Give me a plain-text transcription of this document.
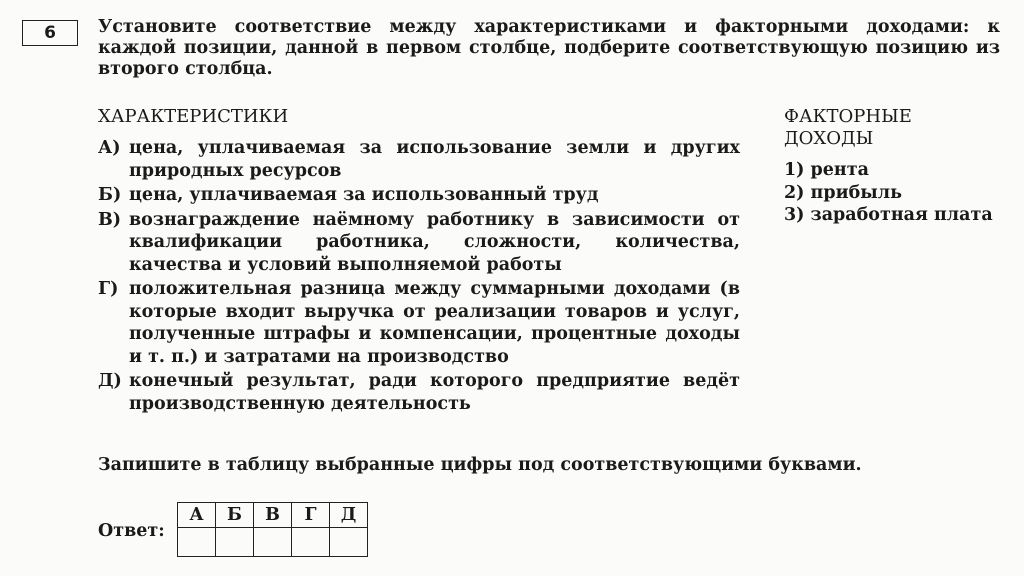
6 Установите соответствие между характеристиками и факторными доходами: к каждой позиции, данной в первом столбце, подберите соответствующую позицию из второго столбца.
ХАРАКТЕРИСТИКИ
А) цена, уплачиваемая за использование земли и других природных ресурсов
Б) цена, уплачиваемая за использованный труд
В) вознаграждение наёмному работнику в зависимости от квалификации работника, сложности, количества, качества и условий выполняемой работы
Г) положительная разница между суммарными доходами (в которые входит выручка от реализации товаров и услуг, полученные штрафы и компенсации, процентные доходы и т. п.) и затратами на производство
Д) конечный результат, ради которого предприятие ведёт производственную деятельность
ФАКТОРНЫЕ ДОХОДЫ
1) рента
2) прибыль
3) заработная плата
Запишите в таблицу выбранные цифры под соответствующими буквами.
Ответ:
А	Б	В	Г	Д
